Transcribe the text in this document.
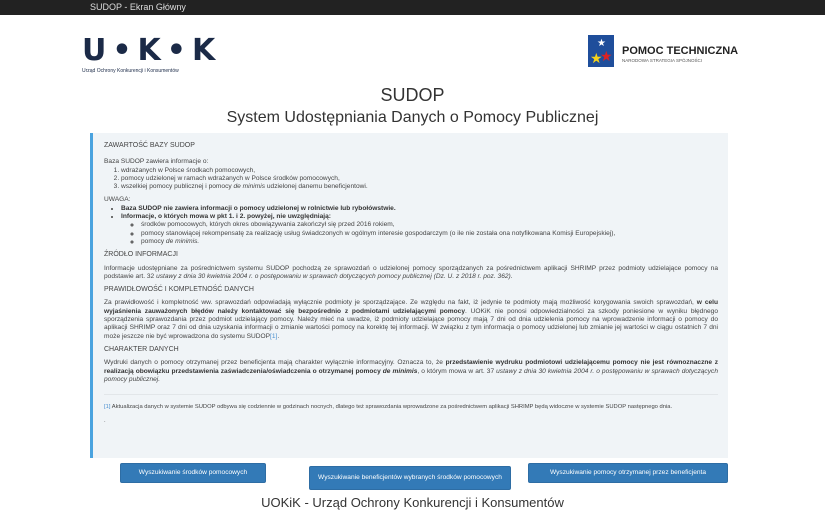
SUDOP - Ekran Główny
U•K•K
Urząd Ochrony Konkurencji i Konsumentów
★
★
★ POMOC TECHNICZNA
NARODOWA STRATEGIA SPÓJNOŚCI
SUDOP
System Udostępniania Danych o Pomocy Publicznej
ZAWARTOŚĆ BAZY SUDOP
Baza SUDOP zawiera informacje o:
1. wdrażanych w Polsce środkach pomocowych,
2. pomocy udzielonej w ramach wdrażanych w Polsce środków pomocowych,
3. wszelkiej pomocy publicznej i pomocy de minimis udzielonej danemu beneficjentowi.
UWAGA:
• Baza SUDOP nie zawiera informacji o pomocy udzielonej w rolnictwie lub rybołówstwie.
• Informacje, o których mowa w pkt 1. i 2. powyżej, nie uwzględniają:
◦ środków pomocowych, których okres obowiązywania zakończył się przed 2016 rokiem,
◦ pomocy stanowiącej rekompensatę za realizację usług świadczonych w ogólnym interesie gospodarczym (o ile nie została ona notyfikowana Komisji Europejskiej),
◦ pomocy de minimis.
ŹRÓDŁO INFORMACJI

Informacje udostępniane za pośrednictwem systemu SUDOP pochodzą ze sprawozdań o udzielonej pomocy sporządzanych za pośrednictwem aplikacji SHRIMP przez podmioty udzielające pomocy na podstawie art. 32 ustawy z dnia 30 kwietnia 2004 r. o postępowaniu w sprawach dotyczących pomocy publicznej (Dz. U. z 2018 r. poz. 362).

PRAWIDŁOWOŚĆ I KOMPLETNOŚĆ DANYCH

Za prawidłowość i kompletność ww. sprawozdań odpowiadają wyłącznie podmioty je sporządzające. Ze względu na fakt, iż jedynie te podmioty mają możliwość korygowania swoich sprawozdań, w celu wyjaśnienia zauważonych błędów należy kontaktować się bezpośrednio z podmiotami udzielającymi pomocy. UOKiK nie ponosi odpowiedzialności za szkody poniesione w wyniku błędnego sporządzenia sprawozdania przez podmiot udzielający pomocy. Należy mieć na uwadze, iż podmioty udzielające pomocy mają 7 dni od dnia udzielenia pomocy na wprowadzenie informacji o pomocy do aplikacji SHRIMP oraz 7 dni od dnia uzyskania informacji o zmianie wartości pomocy na korektę tej informacji. W związku z tym informacja o pomocy udzielonej lub zmianie jej wartości w ciągu ostatnich 7 dni może jeszcze nie być wprowadzona do systemu SUDOP[1].

CHARAKTER DANYCH

Wydruki danych o pomocy otrzymanej przez beneficjenta mają charakter wyłącznie informacyjny. Oznacza to, że przedstawienie wydruku podmiotowi udzielającemu pomocy nie jest równoznaczne z realizacją obowiązku przedstawienia zaświadczenia/oświadczenia o otrzymanej pomocy de minimis, o którym mowa w art. 37 ustawy z dnia 30 kwietnia 2004 r. o postępowaniu w sprawach dotyczących pomocy publicznej.

[1] Aktualizacja danych w systemie SUDOP odbywa się codziennie w godzinach nocnych, dlatego też sprawozdania wprowadzone za pośrednictwem aplikacji SHRIMP będą widoczne w systemie SUDOP następnego dnia.

.

Wyszukiwanie środków pomocowych
Wyszukiwanie beneficjentów wybranych środków pomocowych
Wyszukiwanie pomocy otrzymanej przez beneficjenta
UOKiK - Urząd Ochrony Konkurencji i Konsumentów
